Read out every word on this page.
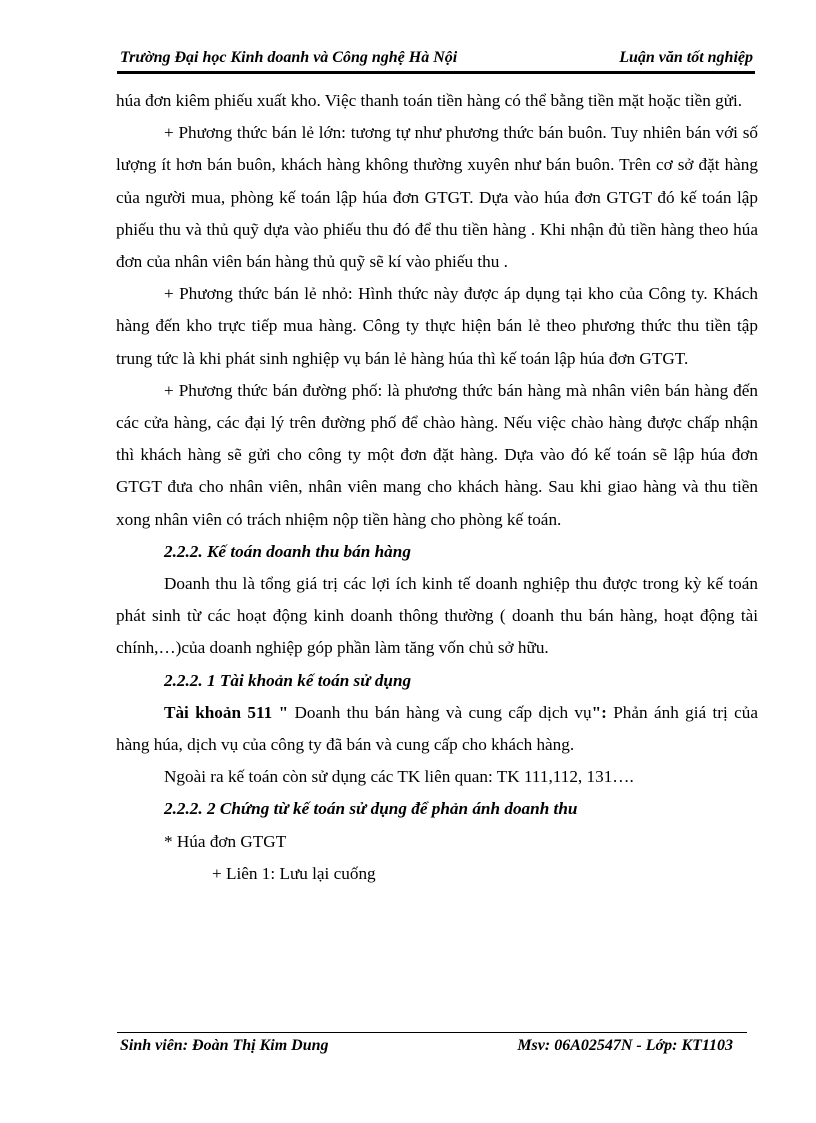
Trường Đại học Kinh doanh và Công nghệ Hà Nội	Luận văn tốt nghiệp

húa đơn kiêm phiếu xuất kho. Việc thanh toán tiền hàng có thể bằng tiền mặt hoặc tiền gửi.

+ Phương thức bán lẻ lớn: tương tự như phương thức bán buôn. Tuy nhiên bán với số lượng ít hơn bán buôn, khách hàng không thường xuyên như bán buôn. Trên cơ sở đặt hàng của người mua, phòng kế toán lập húa đơn GTGT. Dựa vào húa đơn GTGT đó kế toán lập phiếu thu và thủ quỹ dựa vào phiếu thu đó để thu tiền hàng . Khi nhận đủ tiền hàng theo húa đơn của nhân viên bán hàng thủ quỹ sẽ kí vào phiếu thu .

+ Phương thức bán lẻ nhỏ: Hình thức này được áp dụng tại kho của Công ty. Khách hàng đến kho trực tiếp mua hàng. Công ty thực hiện bán lẻ theo phương thức thu tiền tập trung tức là khi phát sinh nghiệp vụ bán lẻ hàng húa thì kế toán lập húa đơn GTGT.

+ Phương thức bán đường phố: là phương thức bán hàng mà nhân viên bán hàng đến các cửa hàng, các đại lý trên đường phố để chào hàng. Nếu việc chào hàng được chấp nhận thì khách hàng sẽ gửi cho công ty một đơn đặt hàng. Dựa vào đó kế toán sẽ lập húa đơn GTGT đưa cho nhân viên, nhân viên mang cho khách hàng. Sau khi giao hàng và thu tiền xong nhân viên có trách nhiệm nộp tiền hàng cho phòng kế toán.

2.2.2. Kế toán doanh thu bán hàng

Doanh thu là tổng giá trị các lợi ích kinh tế doanh nghiệp thu được trong kỳ kế toán phát sinh từ các hoạt động kinh doanh thông thường ( doanh thu bán hàng, hoạt động tài chính,…)của doanh nghiệp góp phần làm tăng vốn chủ sở hữu.

2.2.2. 1 Tài khoản kế toán sử dụng

Tài khoản 511 " Doanh thu bán hàng và cung cấp dịch vụ": Phản ánh giá trị của hàng húa, dịch vụ của công ty đã bán và cung cấp cho khách hàng.

Ngoài ra kế toán còn sử dụng các TK liên quan: TK 111,112, 131….

2.2.2. 2 Chứng từ kế toán sử dụng để phản ánh doanh thu

* Húa đơn GTGT

+ Liên 1: Lưu lại cuống

Sinh viên: Đoàn Thị Kim Dung	Msv: 06A02547N - Lớp: KT1103
